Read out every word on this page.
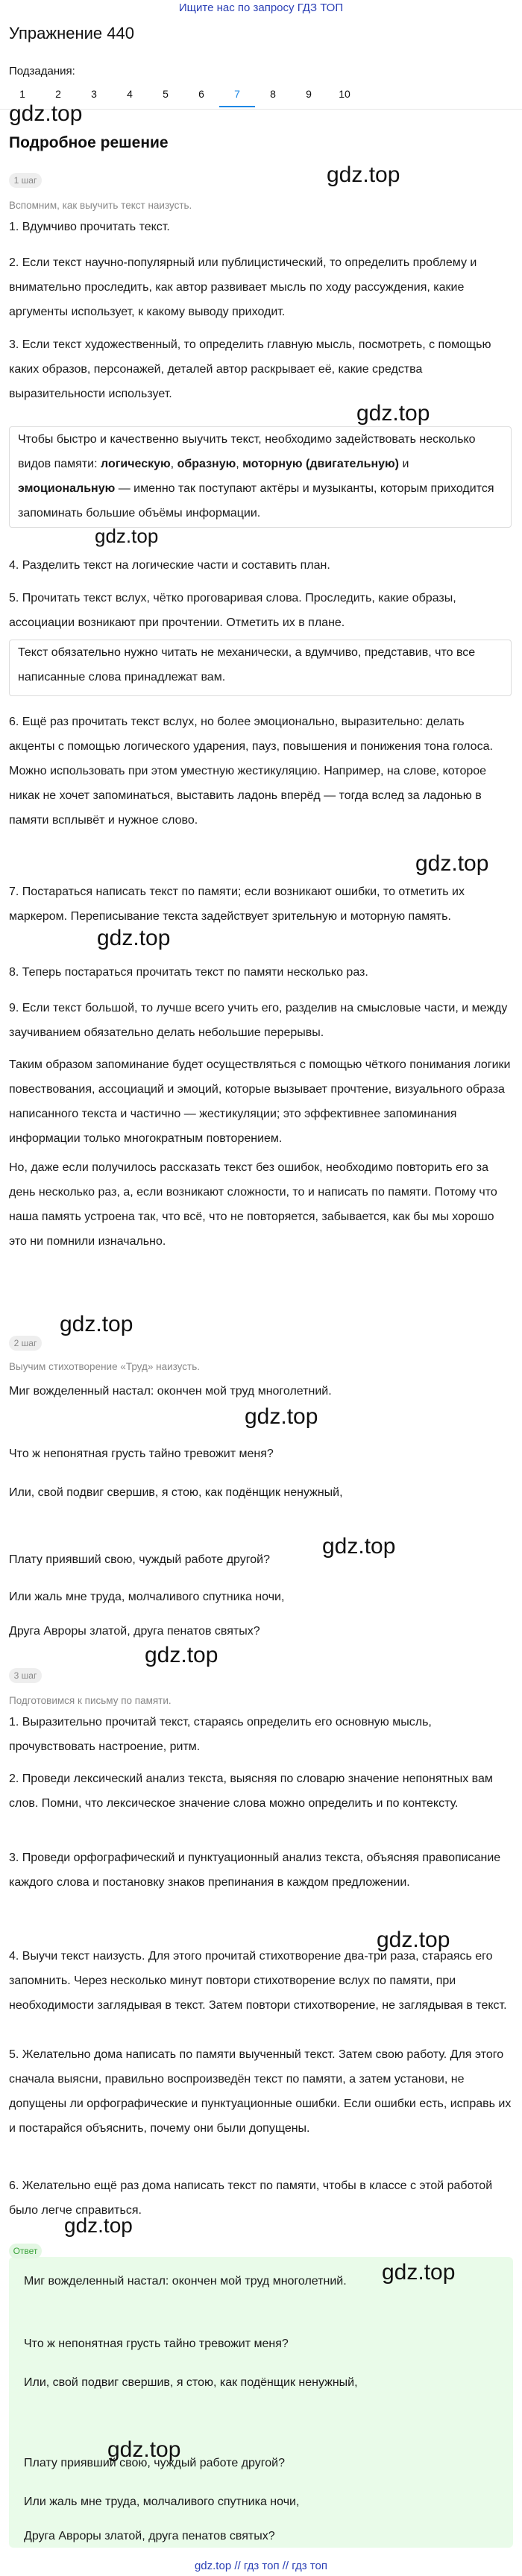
Ищите нас по запросу ГДЗ ТОП
Упражнение 440
Подзадания:
1	2	3	4	5	6	7	8	9	10
gdz.top
Подробное решение
gdz.top
1 шаг
Вспомним, как выучить текст наизусть.
1. Вдумчиво прочитать текст.
2. Если текст научно-популярный или публицистический, то определить проблему и внимательно проследить, как автор развивает мысль по ходу рассуждения, какие аргументы использует, к какому выводу приходит.
3. Если текст художественный, то определить главную мысль, посмотреть, с помощью каких образов, персонажей, деталей автор раскрывает её, какие средства выразительности использует.
gdz.top
Чтобы быстро и качественно выучить текст, необходимо задействовать несколько видов памяти: логическую, образную, моторную (двигательную) и эмоциональную — именно так поступают актёры и музыканты, которым приходится запоминать большие объёмы информации.
gdz.top
4. Разделить текст на логические части и составить план.
5. Прочитать текст вслух, чётко проговаривая слова. Проследить, какие образы, ассоциации возникают при прочтении. Отметить их в плане.
Текст обязательно нужно читать не механически, а вдумчиво, представив, что все написанные слова принадлежат вам.
6. Ещё раз прочитать текст вслух, но более эмоционально, выразительно: делать акценты с помощью логического ударения, пауз, повышения и понижения тона голоса. Можно использовать при этом уместную жестикуляцию. Например, на слове, которое никак не хочет запоминаться, выставить ладонь вперёд — тогда вслед за ладонью в памяти всплывёт и нужное слово.
gdz.top
7. Постараться написать текст по памяти; если возникают ошибки, то отметить их маркером. Переписывание текста задействует зрительную и моторную память.
gdz.top
8. Теперь постараться прочитать текст по памяти несколько раз.
9. Если текст большой, то лучше всего учить его, разделив на смысловые части, и между заучиванием обязательно делать небольшие перерывы.
Таким образом запоминание будет осуществляться с помощью чёткого понимания логики повествования, ассоциаций и эмоций, которые вызывает прочтение, визуального образа написанного текста и частично — жестикуляции; это эффективнее запоминания информации только многократным повторением.
Но, даже если получилось рассказать текст без ошибок, необходимо повторить его за день несколько раз, а, если возникают сложности, то и написать по памяти. Потому что наша память устроена так, что всё, что не повторяется, забывается, как бы мы хорошо это ни помнили изначально.
gdz.top
2 шаг
Выучим стихотворение «Труд» наизусть.
Миг вожделенный настал: окончен мой труд многолетний.
gdz.top
Что ж непонятная грусть тайно тревожит меня?
Или, свой подвиг свершив, я стою, как подёнщик ненужный,
gdz.top
Плату приявший свою, чуждый работе другой?
Или жаль мне труда, молчаливого спутника ночи,
Друга Авроры златой, друга пенатов святых?
gdz.top
3 шаг
Подготовимся к письму по памяти.
1. Выразительно прочитай текст, стараясь определить его основную мысль, прочувствовать настроение, ритм.
2. Проведи лексический анализ текста, выясняя по словарю значение непонятных вам слов. Помни, что лексическое значение слова можно определить и по контексту.
3. Проведи орфографический и пунктуационный анализ текста, объясняя правописание каждого слова и постановку знаков препинания в каждом предложении.
gdz.top
4. Выучи текст наизусть. Для этого прочитай стихотворение два-три раза, стараясь его запомнить. Через несколько минут повтори стихотворение вслух по памяти, при необходимости заглядывая в текст. Затем повтори стихотворение, не заглядывая в текст.
5. Желательно дома написать по памяти выученный текст. Затем свою работу. Для этого сначала выясни, правильно воспроизведён текст по памяти, а затем установи, не допущены ли орфографические и пунктуационные ошибки. Если ошибки есть, исправь их и постарайся объяснить, почему они были допущены.
6. Желательно ещё раз дома написать текст по памяти, чтобы в классе с этой работой было легче справиться.
gdz.top
Миг вожделенный настал: окончен мой труд многолетний.
Что ж непонятная грусть тайно тревожит меня?
Или, свой подвиг свершив, я стою, как подёнщик ненужный,
Плату приявший свою, чуждый работе другой?
Или жаль мне труда, молчаливого спутника ночи,
Друга Авроры златой, друга пенатов святых?
Ответ
gdz.top
gdz.top
gdz.top // гдз топ // гдз топ
